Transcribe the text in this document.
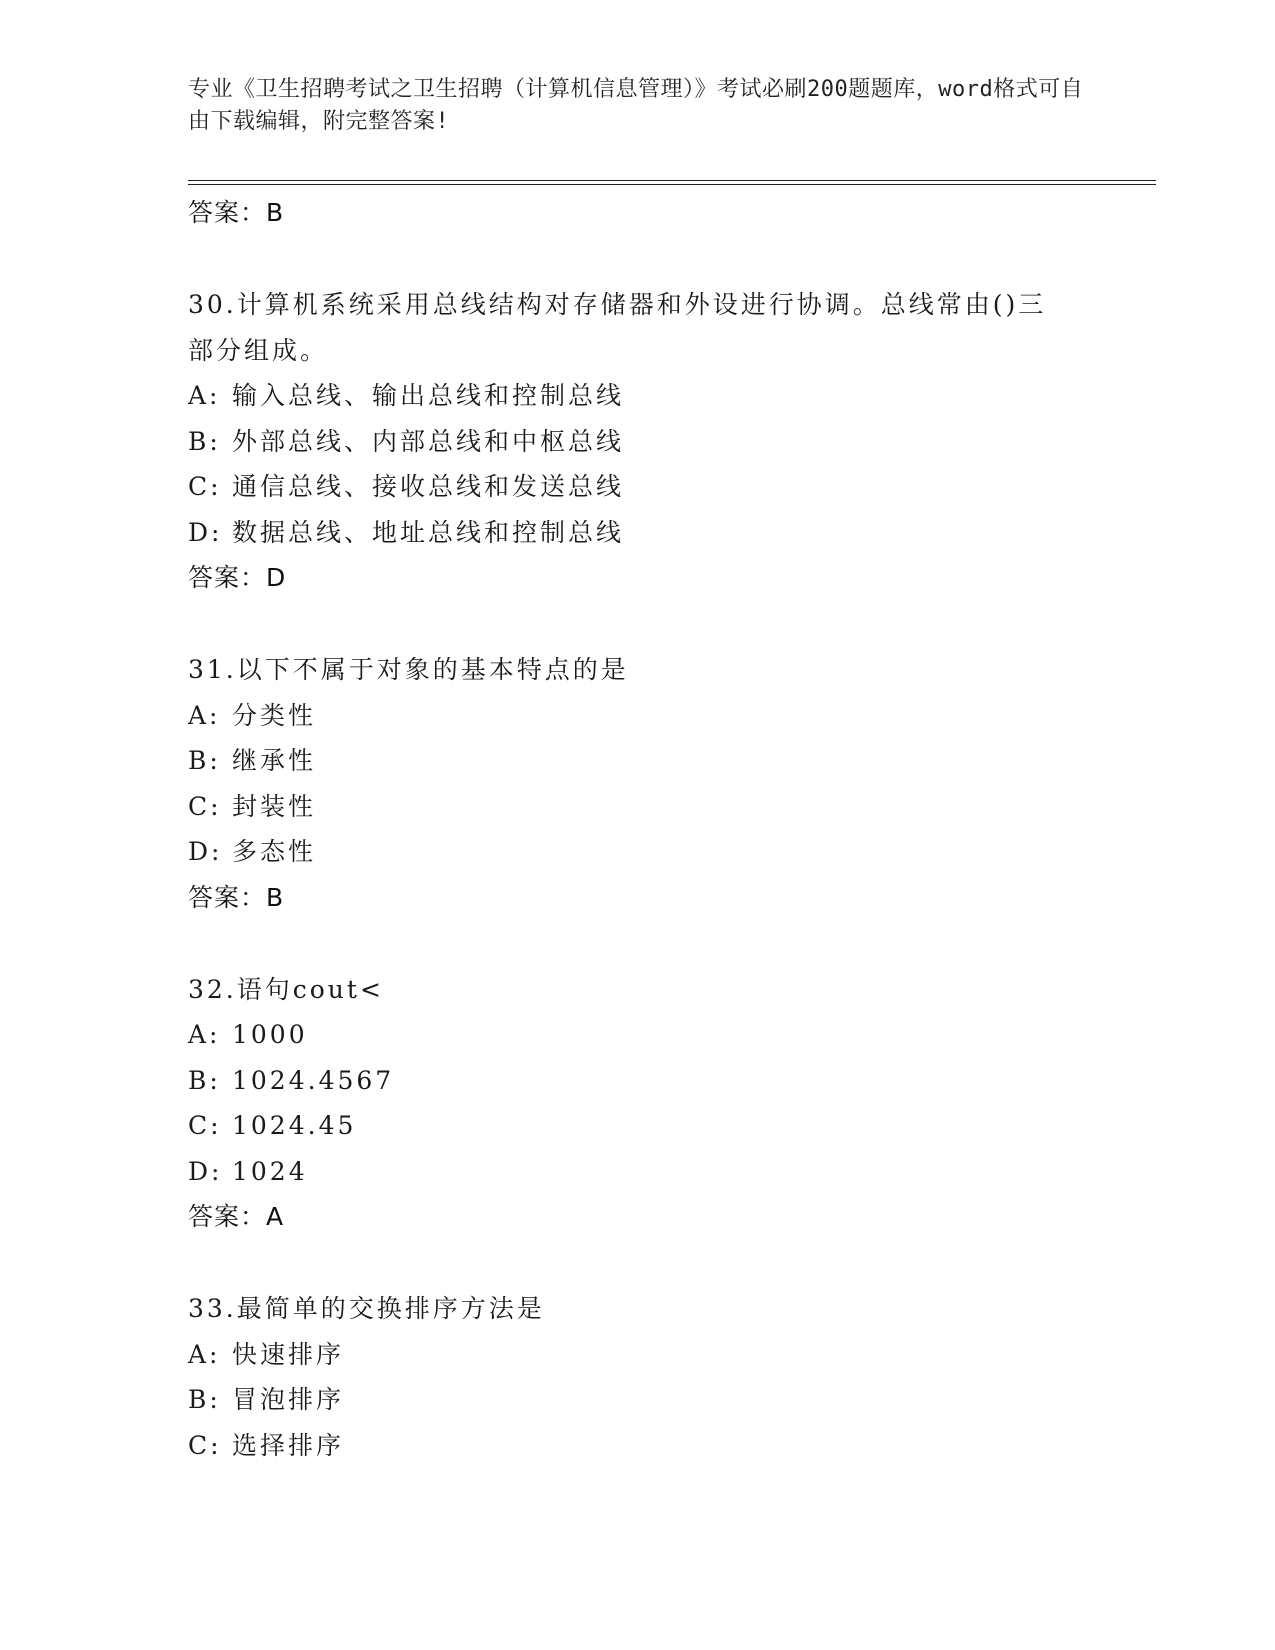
专业《卫生招聘考试之卫生招聘（计算机信息管理）》考试必刷200题题库，word格式可自由下载编辑，附完整答案!
答案：B
30.计算机系统采用总线结构对存储器和外设进行协调。总线常由()三部分组成。
A: 输入总线、输出总线和控制总线
B: 外部总线、内部总线和中枢总线
C: 通信总线、接收总线和发送总线
D: 数据总线、地址总线和控制总线
答案：D
31.以下不属于对象的基本特点的是
A: 分类性
B: 继承性
C: 封装性
D: 多态性
答案：B
32.语句cout<
A: 1000
B: 1024.4567
C: 1024.45
D: 1024
答案：A
33.最简单的交换排序方法是
A: 快速排序
B: 冒泡排序
C: 选择排序
